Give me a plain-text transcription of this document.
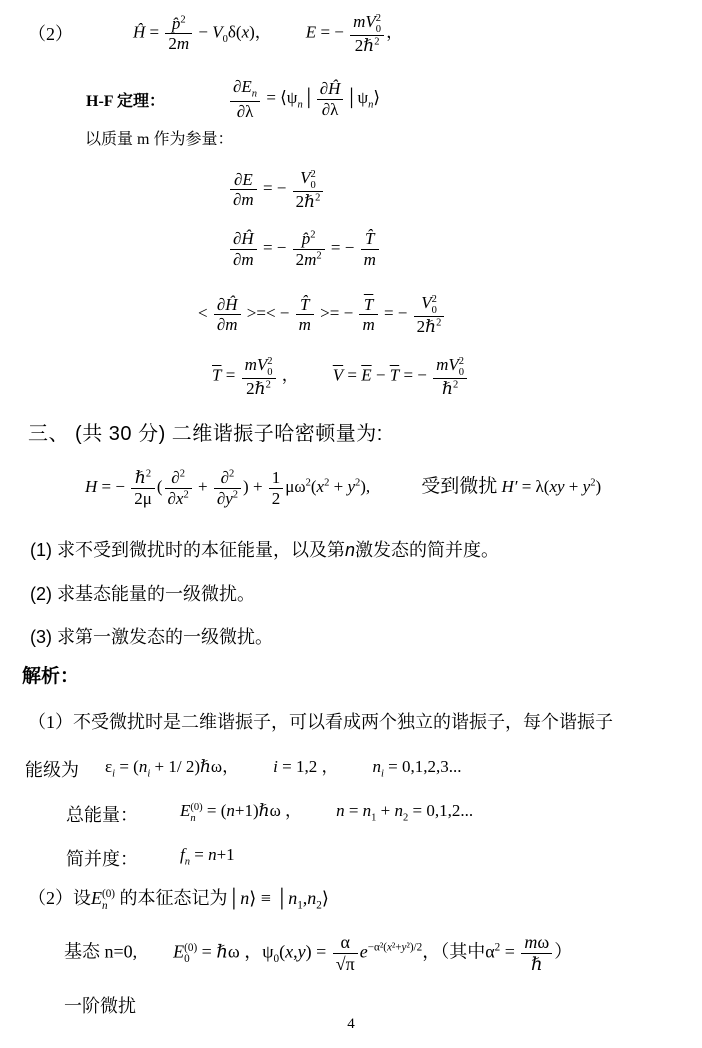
（2）	Ĥ = $\frac{p̂^2}{2m} - V_0\delta(x)$，  E = −
mV 2
0
2ℏ$^2$
，
H-F 定理：	$\frac{\partial E_n}{\partial\lambda}$ = $⟨\psi_n│ \frac{\partial Ĥ}{\partial\lambda}$ $│\psi_n⟩$
以质量 m 作为参量：
$\frac{\partial E}{\partial m}$ = −
V 2
0
2ℏ$^2$
$\frac{\partial Ĥ}{\partial m}$ = − $\frac{p̂^2}{2m^2}$ = − $\frac{T̂}{m}$
< $\frac{\partial Ĥ}{\partial m}$ >=< − $\frac{T̂}{m}$ >= − $\frac{\overline{T}}{m}$ = −
V 2
0
2ℏ$^2$
$\overline{T}$ =
mV 2
0
2ℏ$^2$
，  $\overline{V} = \overline{E} - \overline{T}$ = −
mV 2
0
ℏ$^2$
三、 (共 30 分) 二维谐振子哈密顿量为:
H = − ℏ$^2$
2μ
( $\frac{\partial^2}{\partial x^2} + \frac{\partial^2}{\partial y^2}$ ) + $\frac{1}{2} \mu\omega^2(x^2 + y^2)$,   受到微扰 $H' = \lambda(xy + y^2)$
(1) 求不受到微扰时的本征能量，以及第n激发态的简并度。
(2) 求基态能量的一级微扰。
(3) 求第一激发态的一级微扰。
解析：
（1）不受微扰时是二维谐振子，可以看成两个独立的谐振子，每个谐振子
能级为 $\varepsilon_i = (n_i + 1/$ 2)ℏω，  i = 1,2 ，  $n_i = 0,1,2,3$...
总能量： E (0)
n = (n+1)ℏω ，  $n = n_1 + n_2 = 0,1,2$...
简并度： $f_n = n+1$
（2）设E (0)
n 的本征态记为│n⟩ ≡ $│n_1,n_2⟩$
基态 n=0,  E (0)
0 = ℏω ，$\psi_0(x,y) = \frac{\alpha}{√\pi} e^{-\alpha^2(x^2+y^2)/2}$，（其中$\alpha^2 = m\omega$
ℏ
）
一阶微扰
4
